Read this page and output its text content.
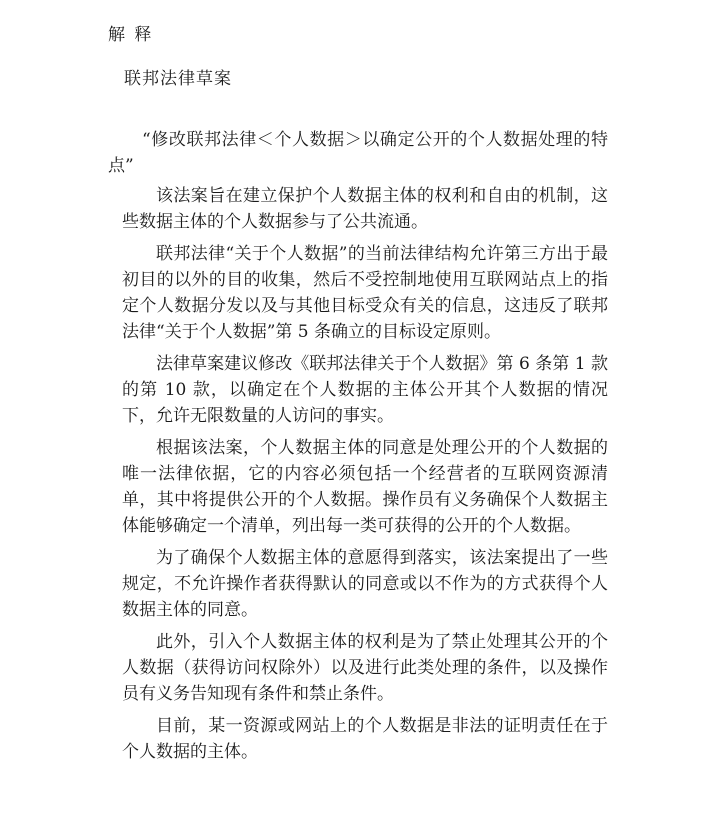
解 释
联邦法律草案
“修改联邦法律＜个人数据＞以确定公开的个人数据处理的特点”

该法案旨在建立保护个人数据主体的权利和自由的机制，这些数据主体的个人数据参与了公共流通。

联邦法律“关于个人数据”的当前法律结构允许第三方出于最初目的以外的目的收集，然后不受控制地使用互联网站点上的指定个人数据分发以及与其他目标受众有关的信息，这违反了联邦法律“关于个人数据”第 5 条确立的目标设定原则。

法律草案建议修改《联邦法律关于个人数据》第 6 条第 1 款的第 10 款，以确定在个人数据的主体公开其个人数据的情况下，允许无限数量的人访问的事实。

根据该法案，个人数据主体的同意是处理公开的个人数据的唯一法律依据，它的内容必须包括一个经营者的互联网资源清单，其中将提供公开的个人数据。操作员有义务确保个人数据主体能够确定一个清单，列出每一类可获得的公开的个人数据。

为了确保个人数据主体的意愿得到落实，该法案提出了一些规定，不允许操作者获得默认的同意或以不作为的方式获得个人数据主体的同意。

此外，引入个人数据主体的权利是为了禁止处理其公开的个人数据（获得访问权除外）以及进行此类处理的条件，以及操作员有义务告知现有条件和禁止条件。

目前，某一资源或网站上的个人数据是非法的证明责任在于个人数据的主体。
